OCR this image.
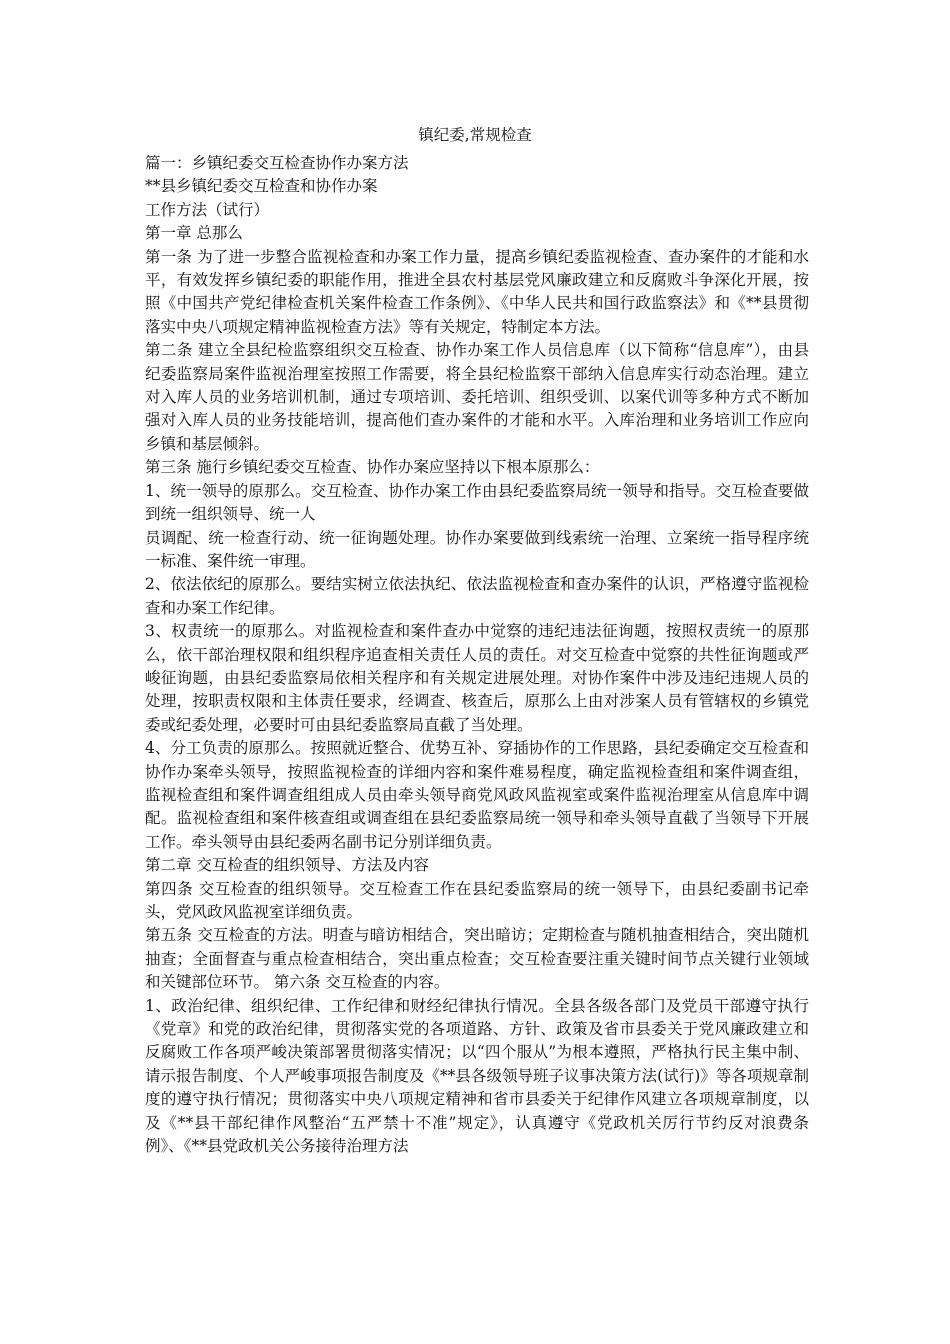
镇纪委,常规检查

篇一：乡镇纪委交互检查协作办案方法

**县乡镇纪委交互检查和协作办案

工作方法（试行）

第一章 总那么

第一条 为了进一步整合监视检查和办案工作力量，提高乡镇纪委监视检查、查办案件的才能和水平，有效发挥乡镇纪委的职能作用，推进全县农村基层党风廉政建立和反腐败斗争深化开展，按照《中国共产党纪律检查机关案件检查工作条例》、《中华人民共和国行政监察法》和《**县贯彻落实中央八项规定精神监视检查方法》等有关规定，特制定本方法。

第二条 建立全县纪检监察组织交互检查、协作办案工作人员信息库（以下简称“信息库”），由县纪委监察局案件监视治理室按照工作需要，将全县纪检监察干部纳入信息库实行动态治理。建立对入库人员的业务培训机制，通过专项培训、委托培训、组织受训、以案代训等多种方式不断加强对入库人员的业务技能培训，提高他们查办案件的才能和水平。入库治理和业务培训工作应向乡镇和基层倾斜。

第三条 施行乡镇纪委交互检查、协作办案应坚持以下根本原那么：

1、统一领导的原那么。交互检查、协作办案工作由县纪委监察局统一领导和指导。交互检查要做到统一组织领导、统一人

员调配、统一检查行动、统一征询题处理。协作办案要做到线索统一治理、立案统一指导程序统一标准、案件统一审理。

2、依法依纪的原那么。要结实树立依法执纪、依法监视检查和查办案件的认识，严格遵守监视检查和办案工作纪律。

3、权责统一的原那么。对监视检查和案件查办中觉察的违纪违法征询题，按照权责统一的原那么，依干部治理权限和组织程序追查相关责任人员的责任。对交互检查中觉察的共性征询题或严峻征询题，由县纪委监察局依相关程序和有关规定进展处理。对协作案件中涉及违纪违规人员的处理，按职责权限和主体责任要求，经调查、核查后，原那么上由对涉案人员有管辖权的乡镇党委或纪委处理，必要时可由县纪委监察局直截了当处理。

4、分工负责的原那么。按照就近整合、优势互补、穿插协作的工作思路，县纪委确定交互检查和协作办案牵头领导，按照监视检查的详细内容和案件难易程度，确定监视检查组和案件调查组，监视检查组和案件调查组组成人员由牵头领导商党风政风监视室或案件监视治理室从信息库中调配。监视检查组和案件核查组或调查组在县纪委监察局统一领导和牵头领导直截了当领导下开展工作。牵头领导由县纪委两名副书记分别详细负责。

第二章 交互检查的组织领导、方法及内容

第四条 交互检查的组织领导。交互检查工作在县纪委监察局的统一领导下，由县纪委副书记牵头，党风政风监视室详细负责。

第五条 交互检查的方法。明查与暗访相结合，突出暗访；定期检查与随机抽查相结合，突出随机抽查；全面督查与重点检查相结合，突出重点检查；交互检查要注重关键时间节点关键行业领域和关键部位环节。 第六条 交互检查的内容。

1、政治纪律、组织纪律、工作纪律和财经纪律执行情况。全县各级各部门及党员干部遵守执行《党章》和党的政治纪律，贯彻落实党的各项道路、方针、政策及省市县委关于党风廉政建立和反腐败工作各项严峻决策部署贯彻落实情况；以“四个服从”为根本遵照，严格执行民主集中制、请示报告制度、个人严峻事项报告制度及《**县各级领导班子议事决策方法(试行)》等各项规章制度的遵守执行情况；贯彻落实中央八项规定精神和省市县委关于纪律作风建立各项规章制度，以及《**县干部纪律作风整治“五严禁十不准”规定》，认真遵守《党政机关厉行节约反对浪费条例》、《**县党政机关公务接待治理方法
